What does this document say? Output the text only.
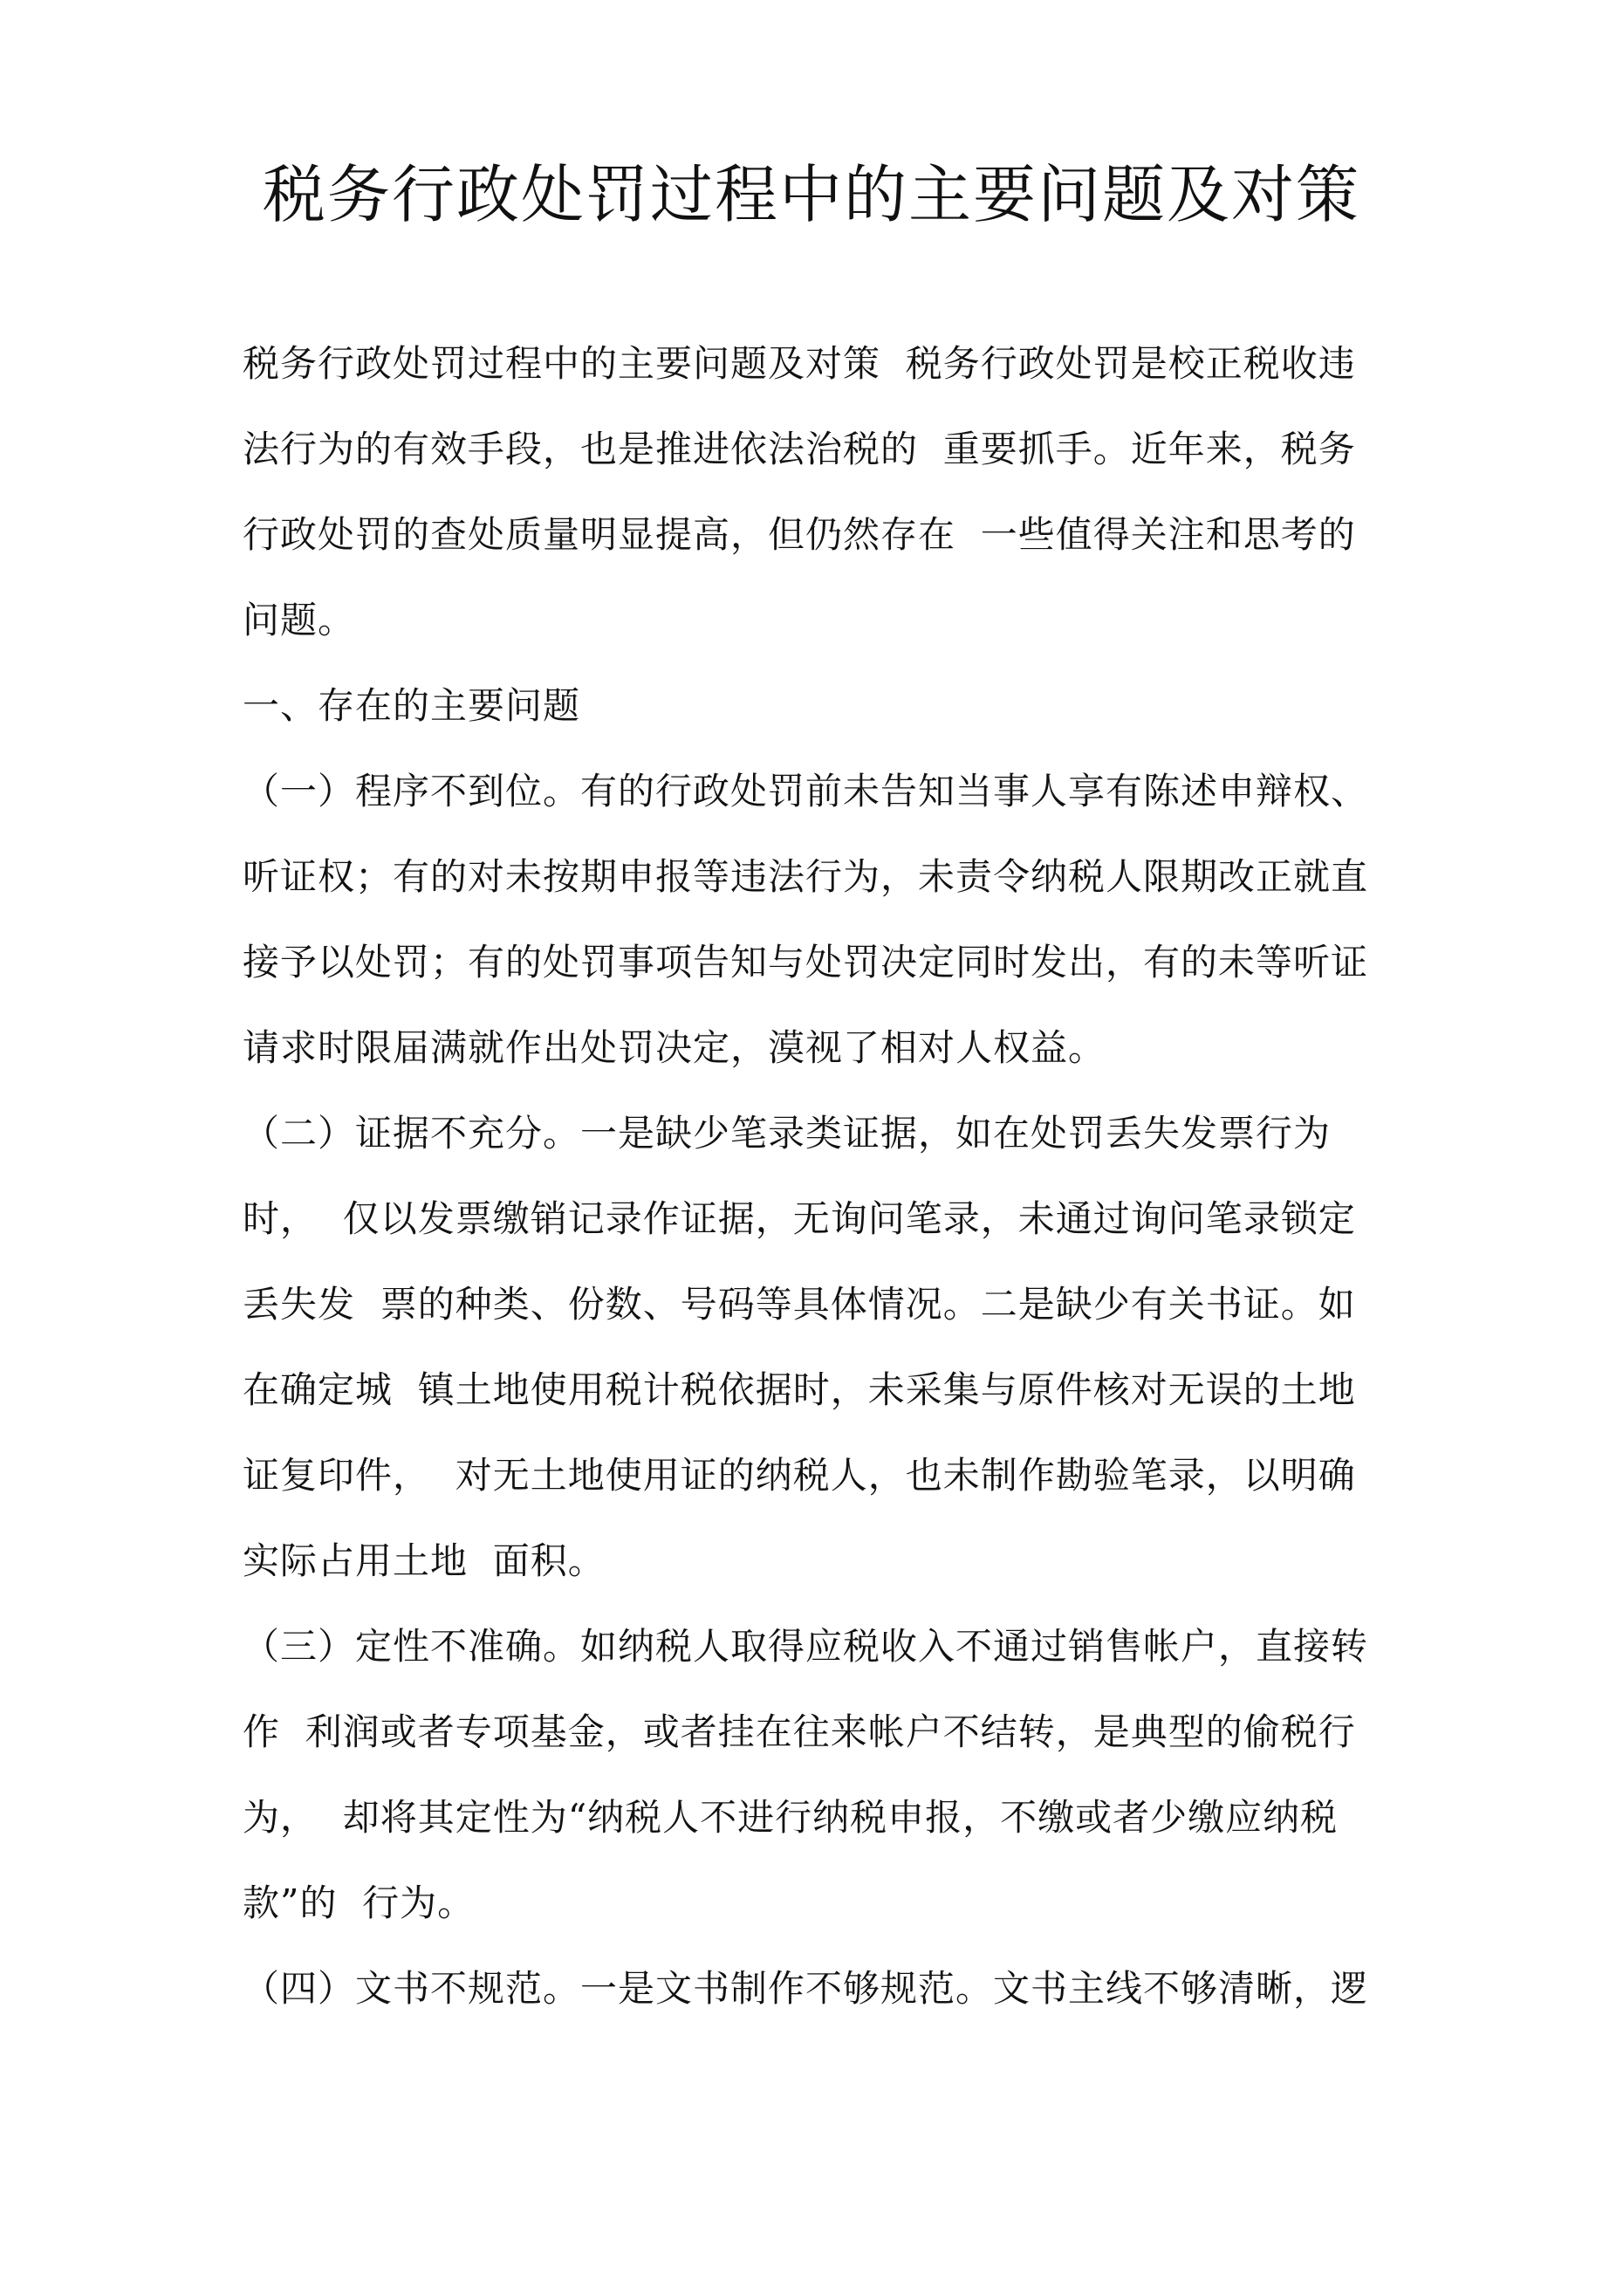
税务行政处罚过程中的主要问题及对策
税务行政处罚过程中的主要问题及对策  税务行政处罚是校正税收违
法行为的有效手段，也是推进依法治税的  重要抓手。近年来，税务
行政处罚的查处质量明显提高，但仍然存在  一些值得关注和思考的
问题。
一、存在的主要问题
（一）程序不到位。有的行政处罚前未告知当事人享有陈述申辩权、
听证权；有的对未按期申报等违法行为，未责令纳税人限期改正就直
接予以处罚；有的处罚事项告知与处罚决定同时发出，有的未等听证
请求时限届满就作出处罚决定，漠视了相对人权益。
（二）证据不充分。一是缺少笔录类证据，如在处罚丢失发票行为
时，  仅以发票缴销记录作证据，无询问笔录，未通过询问笔录锁定
丢失发  票的种类、份数、号码等具体情况。二是缺少有关书证。如
在确定城  镇土地使用税计税依据时，未采集与原件核对无误的土地
证复印件，  对无土地使用证的纳税人，也未制作勘验笔录，以明确
实际占用土地  面积。
（三）定性不准确。如纳税人取得应税收入不通过销售帐户，直接转
作  利润或者专项基金，或者挂在往来帐户不结转，是典型的偷税行
为，  却将其定性为“纳税人不进行纳税申报，不缴或者少缴应纳税
款”的  行为。
（四）文书不规范。一是文书制作不够规范。文书主线不够清晰，逻
